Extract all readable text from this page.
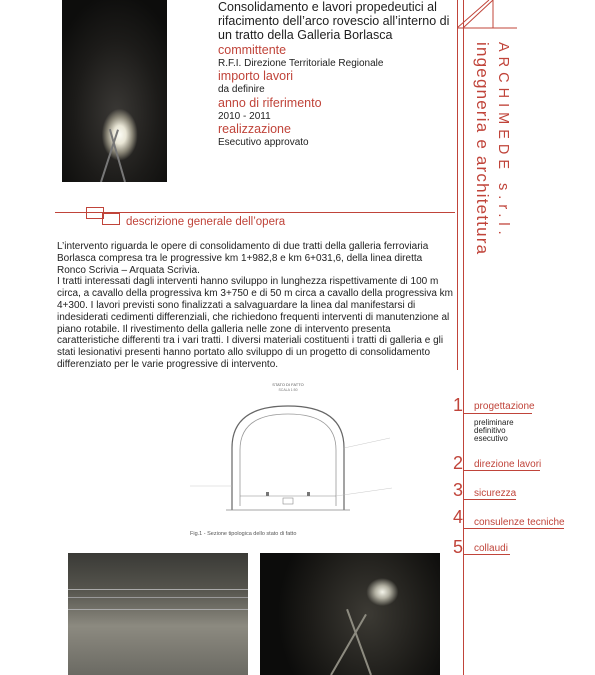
Consolidamento e lavori propedeutici al rifacimento dell’arco rovescio all’interno di un tratto della Galleria Borlasca
committente
R.F.I. Direzione Territoriale Regionale
importo lavori
da definire
anno di riferimento
2010 - 2011
realizzazione
Esecutivo approvato	ARCHIMEDE s.r.l.
ingegneria e architettura
descrizione generale dell’opera

L’intervento riguarda le opere di consolidamento di due tratti della galleria ferroviaria Borlasca compresa tra le progressive km 1+982,8 e km 6+031,6, della linea diretta Ronco Scrivia – Arquata Scrivia.

I tratti interessati dagli interventi hanno sviluppo in lunghezza rispettivamente di 100 m circa, a cavallo della progressiva km 3+750 e di 50 m circa a cavallo della progressiva km 4+300. I lavori previsti sono finalizzati a salvaguardare la linea dal manifestarsi di indesiderati cedimenti differenziali, che richiedono frequenti interventi di manutenzione al piano rotabile. Il rivestimento della galleria nelle zone di intervento presenta caratteristiche differenti tra i vari tratti. I diversi materiali costituenti i tratti di galleria e gli stati lesionativi presenti hanno portato allo sviluppo di un progetto di consolidamento differenziato per le varie progressive di intervento.

STATO DI FATTO
SCALA 1:50
Fig.1 - Sezione tipologica dello stato di fatto
1 progettazione
preliminare
definitivo
esecutivo
2 direzione lavori
3 sicurezza
4 consulenze tecniche
5 collaudi
